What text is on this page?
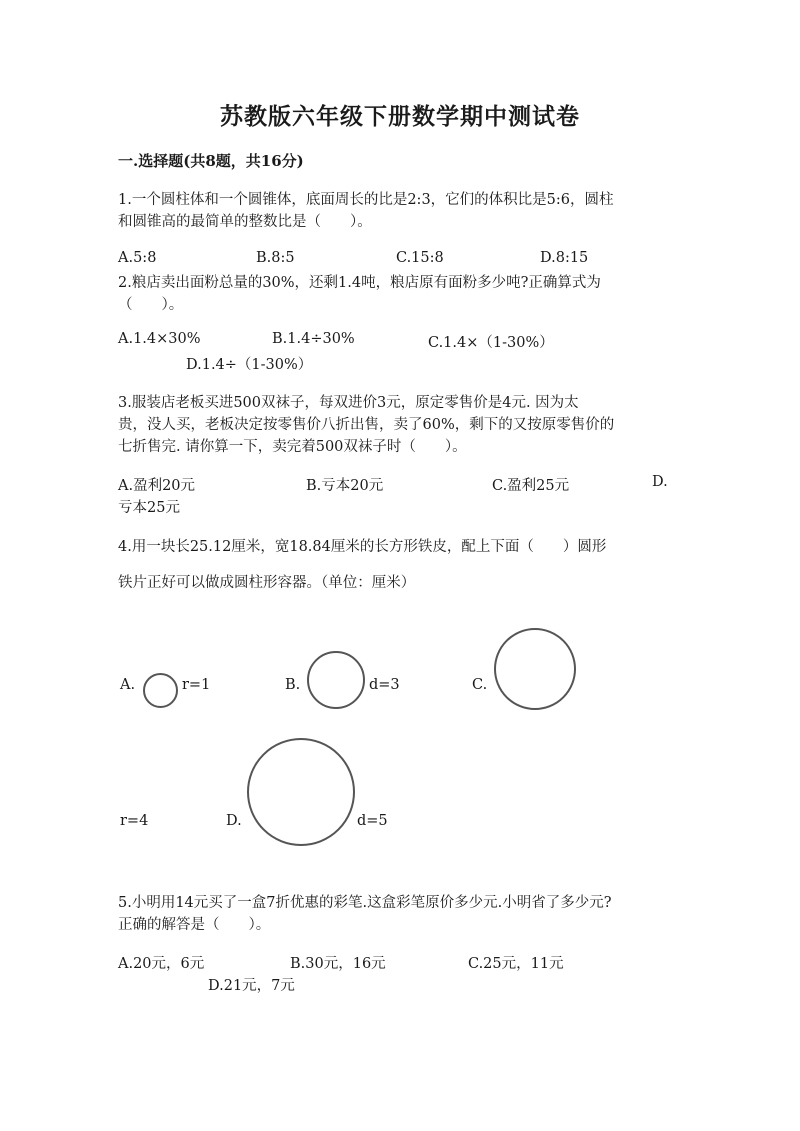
苏教版六年级下册数学期中测试卷
一.选择题(共8题，共16分)
1.一个圆柱体和一个圆锥体，底面周长的比是2:3，它们的体积比是5:6，圆柱
和圆锥高的最简单的整数比是（　　）。
A.5:8	B.8:5	C.15:8	D.8:15
2.粮店卖出面粉总量的30%，还剩1.4吨，粮店原有面粉多少吨?正确算式为
（　　）。
A.1.4×30%	B.1.4÷30%	C.1.4×（1-30%）
D.1.4÷（1-30%）
3.服装店老板买进500双袜子，每双进价3元，原定零售价是4元. 因为太
贵，没人买，老板决定按零售价八折出售，卖了60%，剩下的又按原零售价的
七折售完. 请你算一下，卖完着500双袜子时（　　）。
A.盈利20元	B.亏本20元	C.盈利25元	D.
亏本25元
4.用一块长25.12厘米，宽18.84厘米的长方形铁皮，配上下面（　　）圆形
铁片正好可以做成圆柱形容器。（单位：厘米）
A.	r=1	B.	d=3	C.
r=4	D.	d=5
5.小明用14元买了一盒7折优惠的彩笔.这盒彩笔原价多少元.小明省了多少元?
正确的解答是（　　）。
A.20元，6元	B.30元，16元	C.25元，11元
D.21元，7元
